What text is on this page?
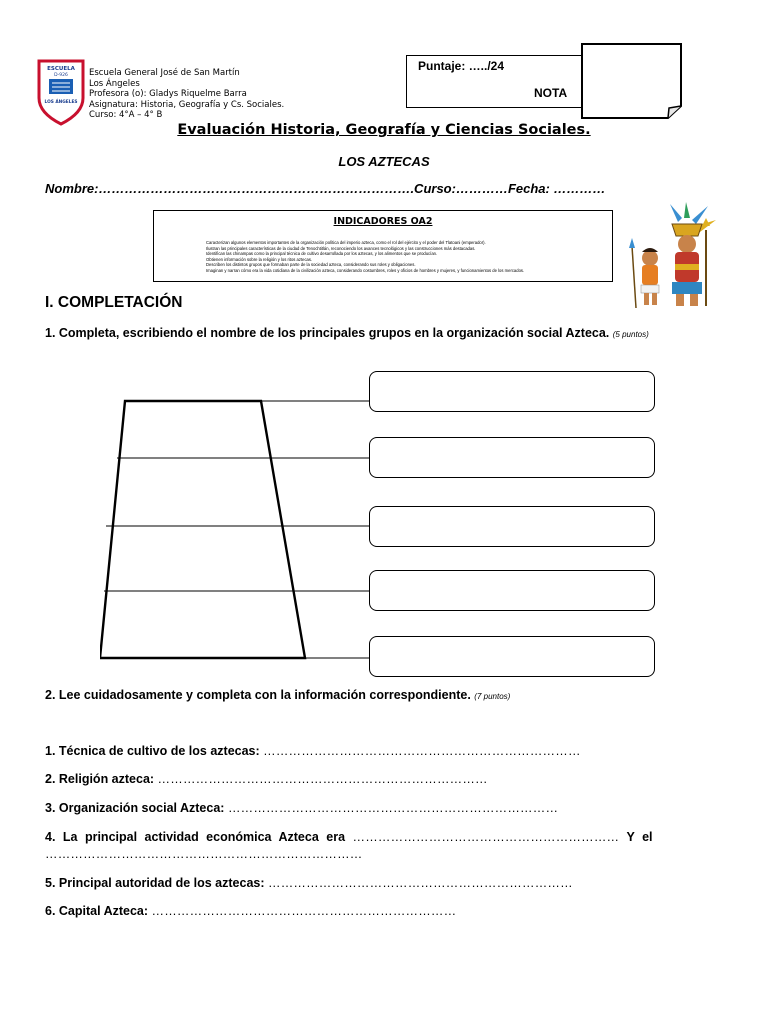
ESCUELA
D-926
LOS ÁNGELES
Escuela General José de San Martín
Los Ángeles
Profesora (o): Gladys Riquelme Barra
Asignatura: Historia, Geografía y Cs. Sociales.
Curso: 4°A – 4° B
Puntaje: …../24
NOTA
Evaluación Historia, Geografía y Ciencias Sociales.
LOS AZTECAS
Nombre:……………………………………………………………….Curso:…………Fecha: …………
INDICADORES OA2
Caracterizan algunos elementos importantes de la organización política del imperio azteca, como el rol del ejército y el poder del Tlatoani (emperador).
Ilustran las principales características de la ciudad de Tenochtitlán, reconociendo los avances tecnológicos y las construcciones más destacadas.
Identifican las chinampas como la principal técnica de cultivo desarrollada por los aztecas, y los alimentos que se producían.
Obtienen información sobre la religión y los ritos aztecas.
Describen los distintos grupos que formaban parte de la sociedad azteca, considerando sus roles y obligaciones.
Imaginan y narran cómo era la vida cotidiana de la civilización azteca, considerando costumbres, roles y oficios de hombres y mujeres, y funcionamientos de los mercados.
I. COMPLETACIÓN
1. Completa, escribiendo el nombre de los principales grupos en la organización social Azteca. (5 puntos)
2. Lee cuidadosamente y completa con la información correspondiente. (7 puntos)
1. Técnica de cultivo de los aztecas: …………………………………………………………………
2. Religión azteca: ……………………………………………………………………
3. Organización social Azteca: ……………………………………………………………………
4. La principal actividad económica Azteca era ……………………………………………………… Y el …………………………………………………………………
5. Principal autoridad de los aztecas: ………………………………………………………………
6. Capital Azteca: ………………………………………………………………
